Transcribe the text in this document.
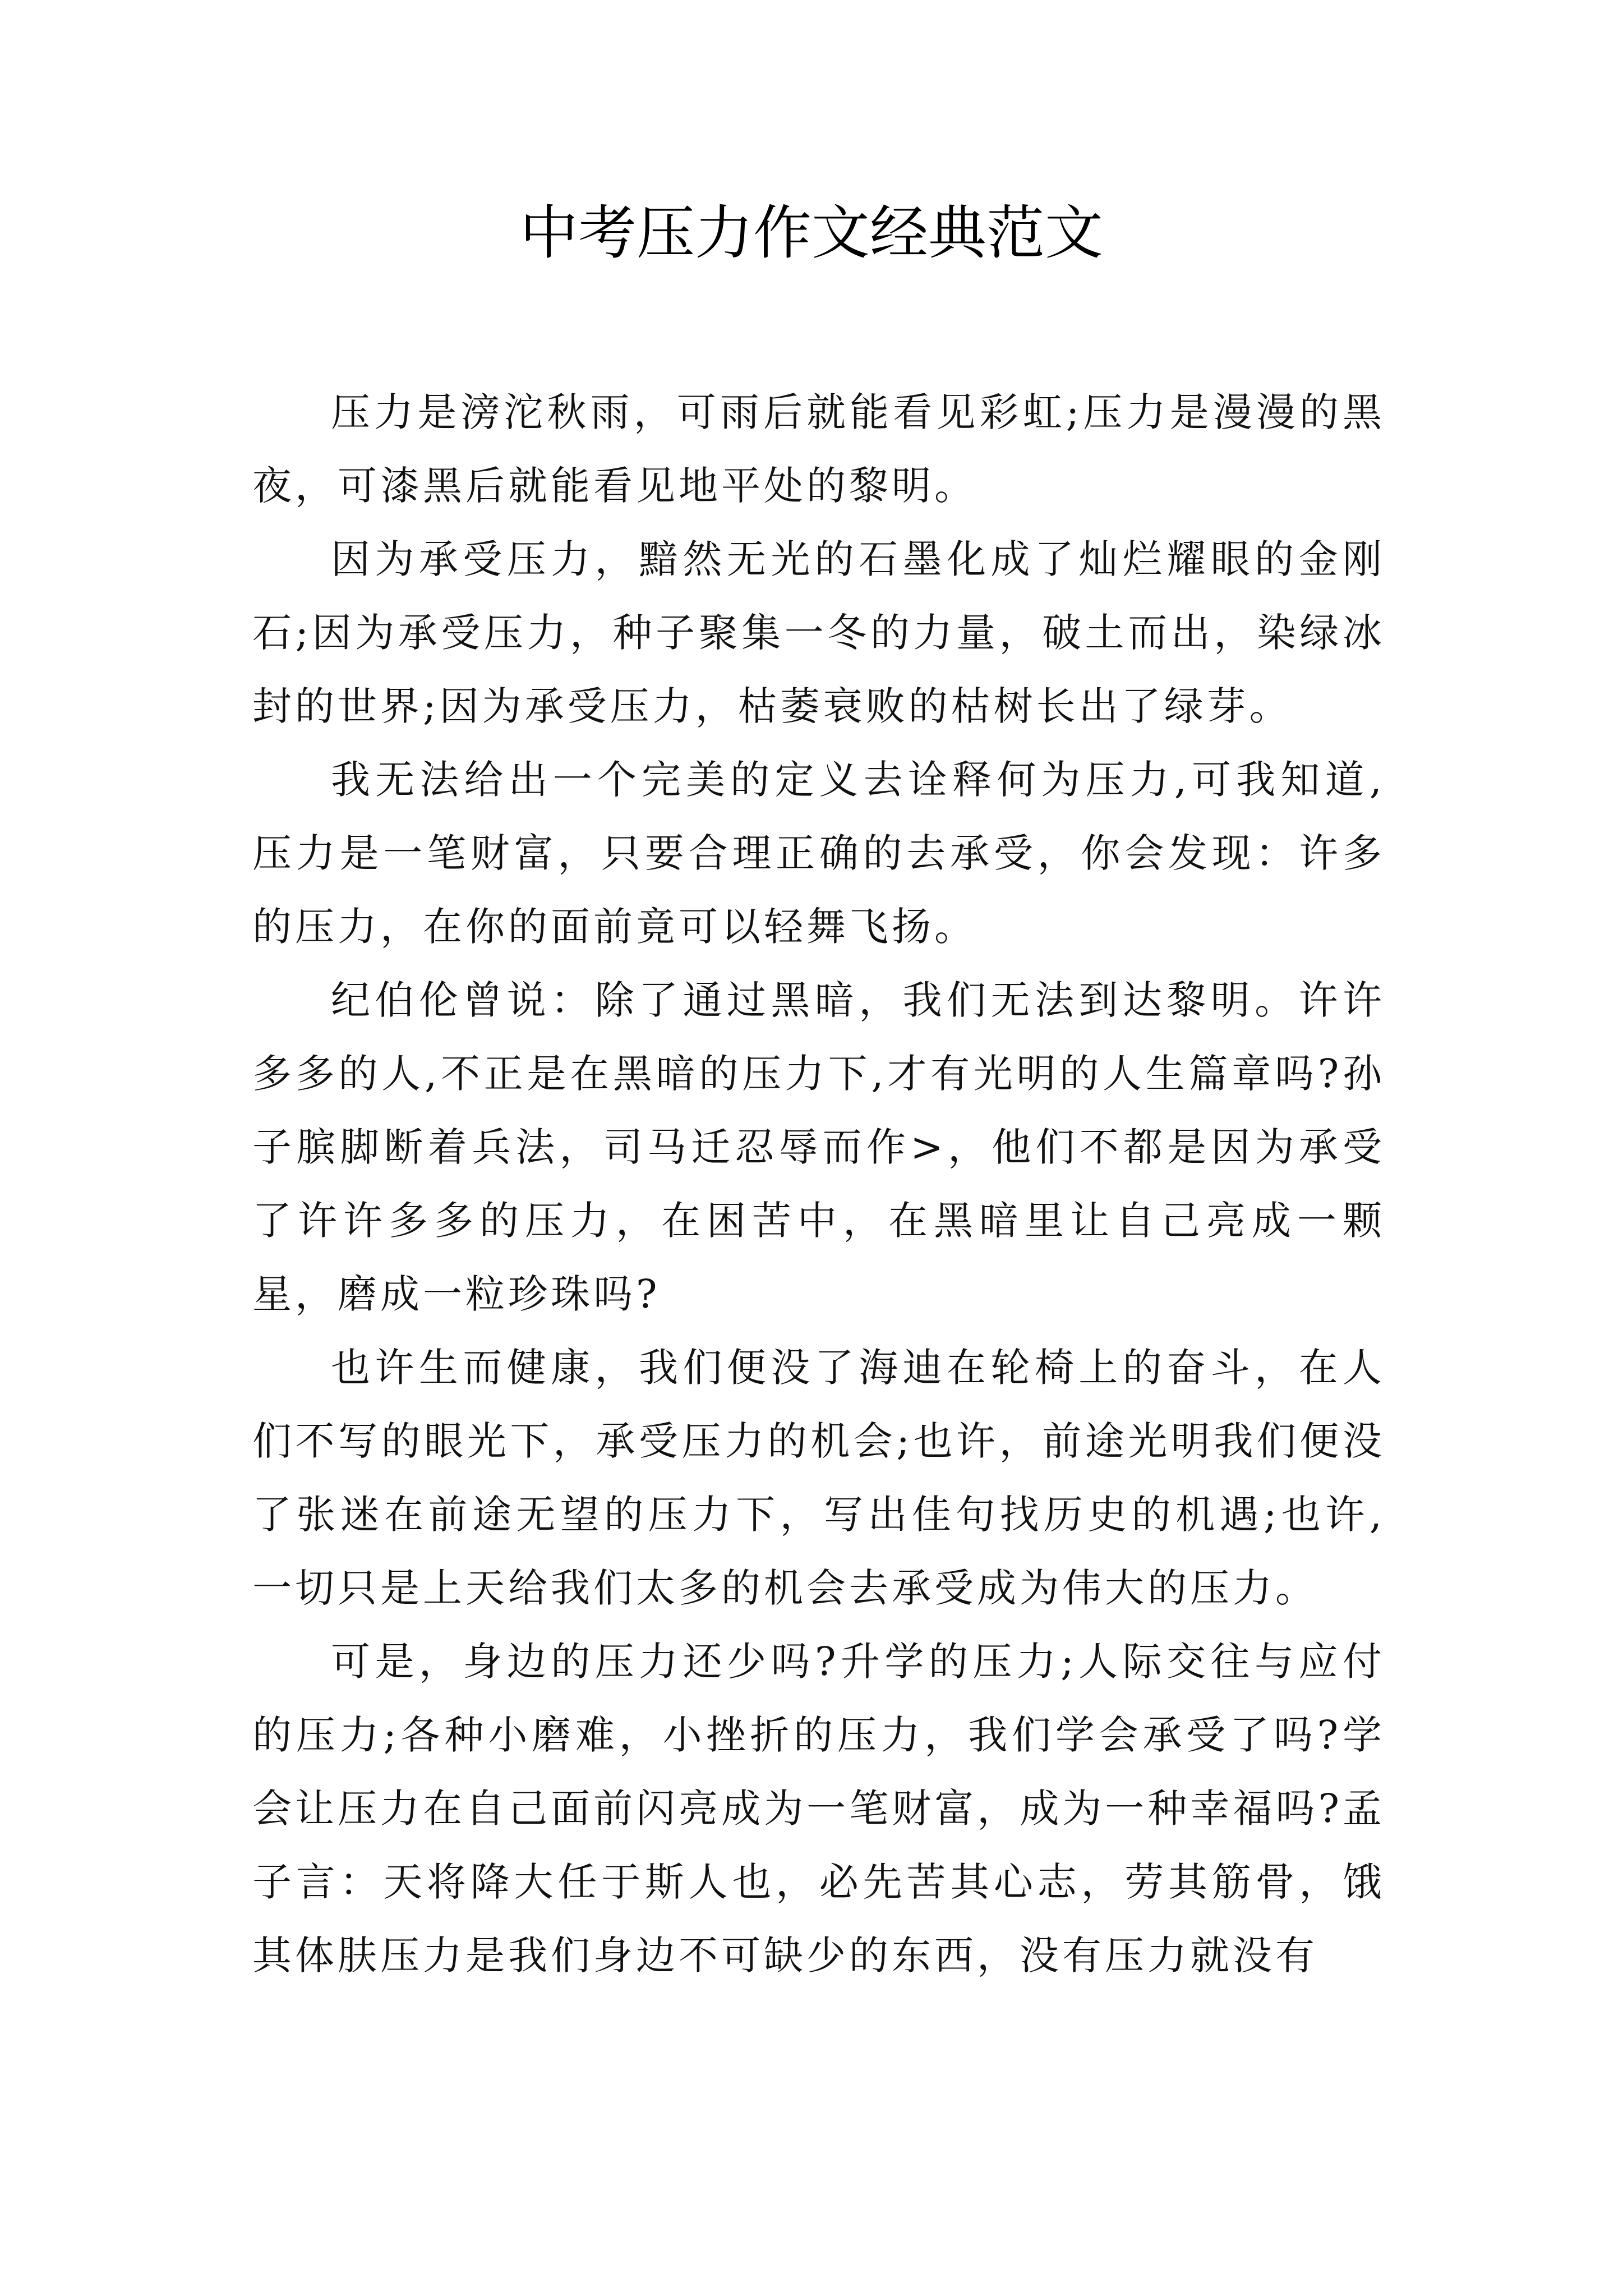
中考压力作文经典范文

压力是滂沱秋雨，可雨后就能看见彩虹;压力是漫漫的黑夜，可漆黑后就能看见地平处的黎明。

因为承受压力，黯然无光的石墨化成了灿烂耀眼的金刚石;因为承受压力，种子聚集一冬的力量，破土而出，染绿冰封的世界;因为承受压力，枯萎衰败的枯树长出了绿芽。

我无法给出一个完美的定义去诠释何为压力,可我知道,压力是一笔财富，只要合理正确的去承受，你会发现：许多的压力，在你的面前竟可以轻舞飞扬。

纪伯伦曾说：除了通过黑暗，我们无法到达黎明。许许多多的人,不正是在黑暗的压力下,才有光明的人生篇章吗?孙子膑脚断着兵法，司马迁忍辱而作>，他们不都是因为承受了许许多多的压力，在困苦中，在黑暗里让自己亮成一颗星，磨成一粒珍珠吗?

也许生而健康，我们便没了海迪在轮椅上的奋斗，在人们不写的眼光下，承受压力的机会;也许，前途光明我们便没了张迷在前途无望的压力下，写出佳句找历史的机遇;也许,一切只是上天给我们太多的机会去承受成为伟大的压力。

可是，身边的压力还少吗?升学的压力;人际交往与应付的压力;各种小磨难，小挫折的压力，我们学会承受了吗?学会让压力在自己面前闪亮成为一笔财富，成为一种幸福吗?孟子言：天将降大任于斯人也，必先苦其心志，劳其筋骨，饿其体肤压力是我们身边不可缺少的东西，没有压力就没有
